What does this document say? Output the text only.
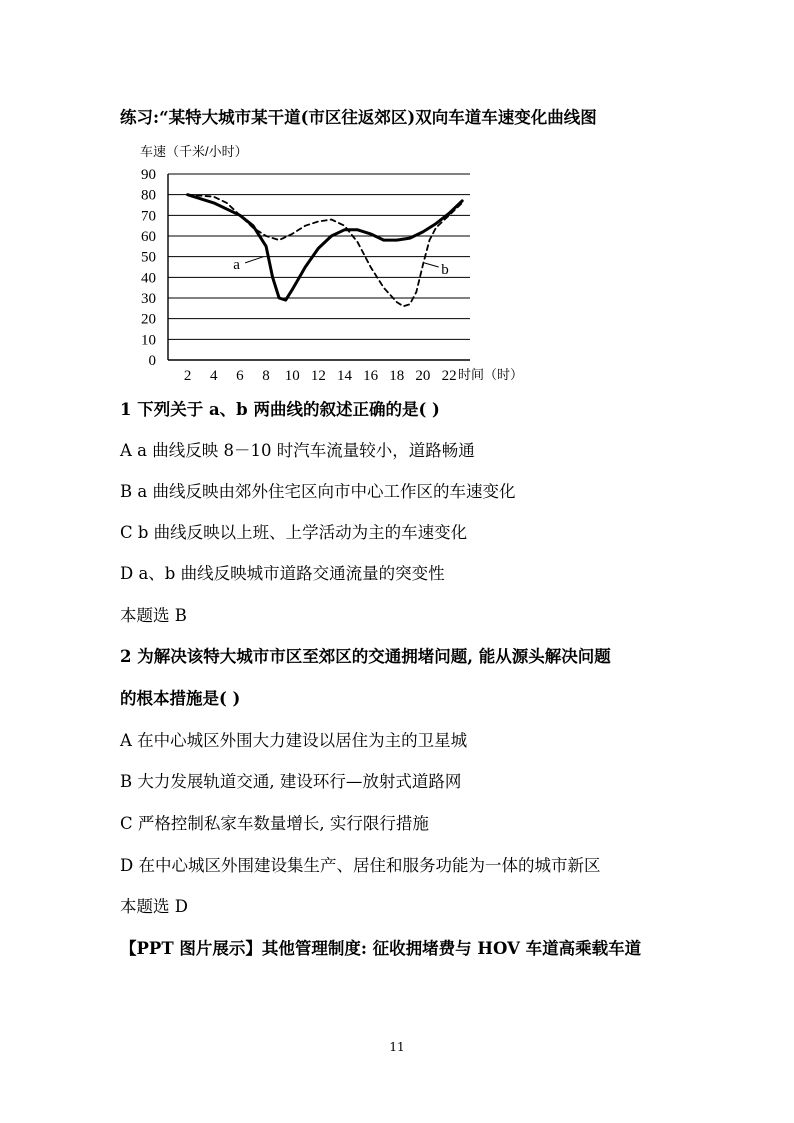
练习:“某特大城市某干道(市区往返郊区)双向车道车速变化曲线图
0
10
20
30
40
50
60
70
80
90
2 4 6 8 10 12 14 16 18 20 22
a	b
车速（千米/小时）
时间（时）
1 下列关于 a、b 两曲线的叙述正确的是( )
A a 曲线反映 8－10 时汽车流量较小，道路畅通
B a 曲线反映由郊外住宅区向市中心工作区的车速变化
C b 曲线反映以上班、上学活动为主的车速变化
D a、b 曲线反映城市道路交通流量的突变性
本题选 B
2 为解决该特大城市市区至郊区的交通拥堵问题, 能从源头解决问题
的根本措施是( )
A 在中心城区外围大力建设以居住为主的卫星城
B 大力发展轨道交通, 建设环行—放射式道路网
C 严格控制私家车数量增长, 实行限行措施
D 在中心城区外围建设集生产、居住和服务功能为一体的城市新区
本题选 D
【PPT 图片展示】其他管理制度: 征收拥堵费与 HOV 车道高乘载车道
11
